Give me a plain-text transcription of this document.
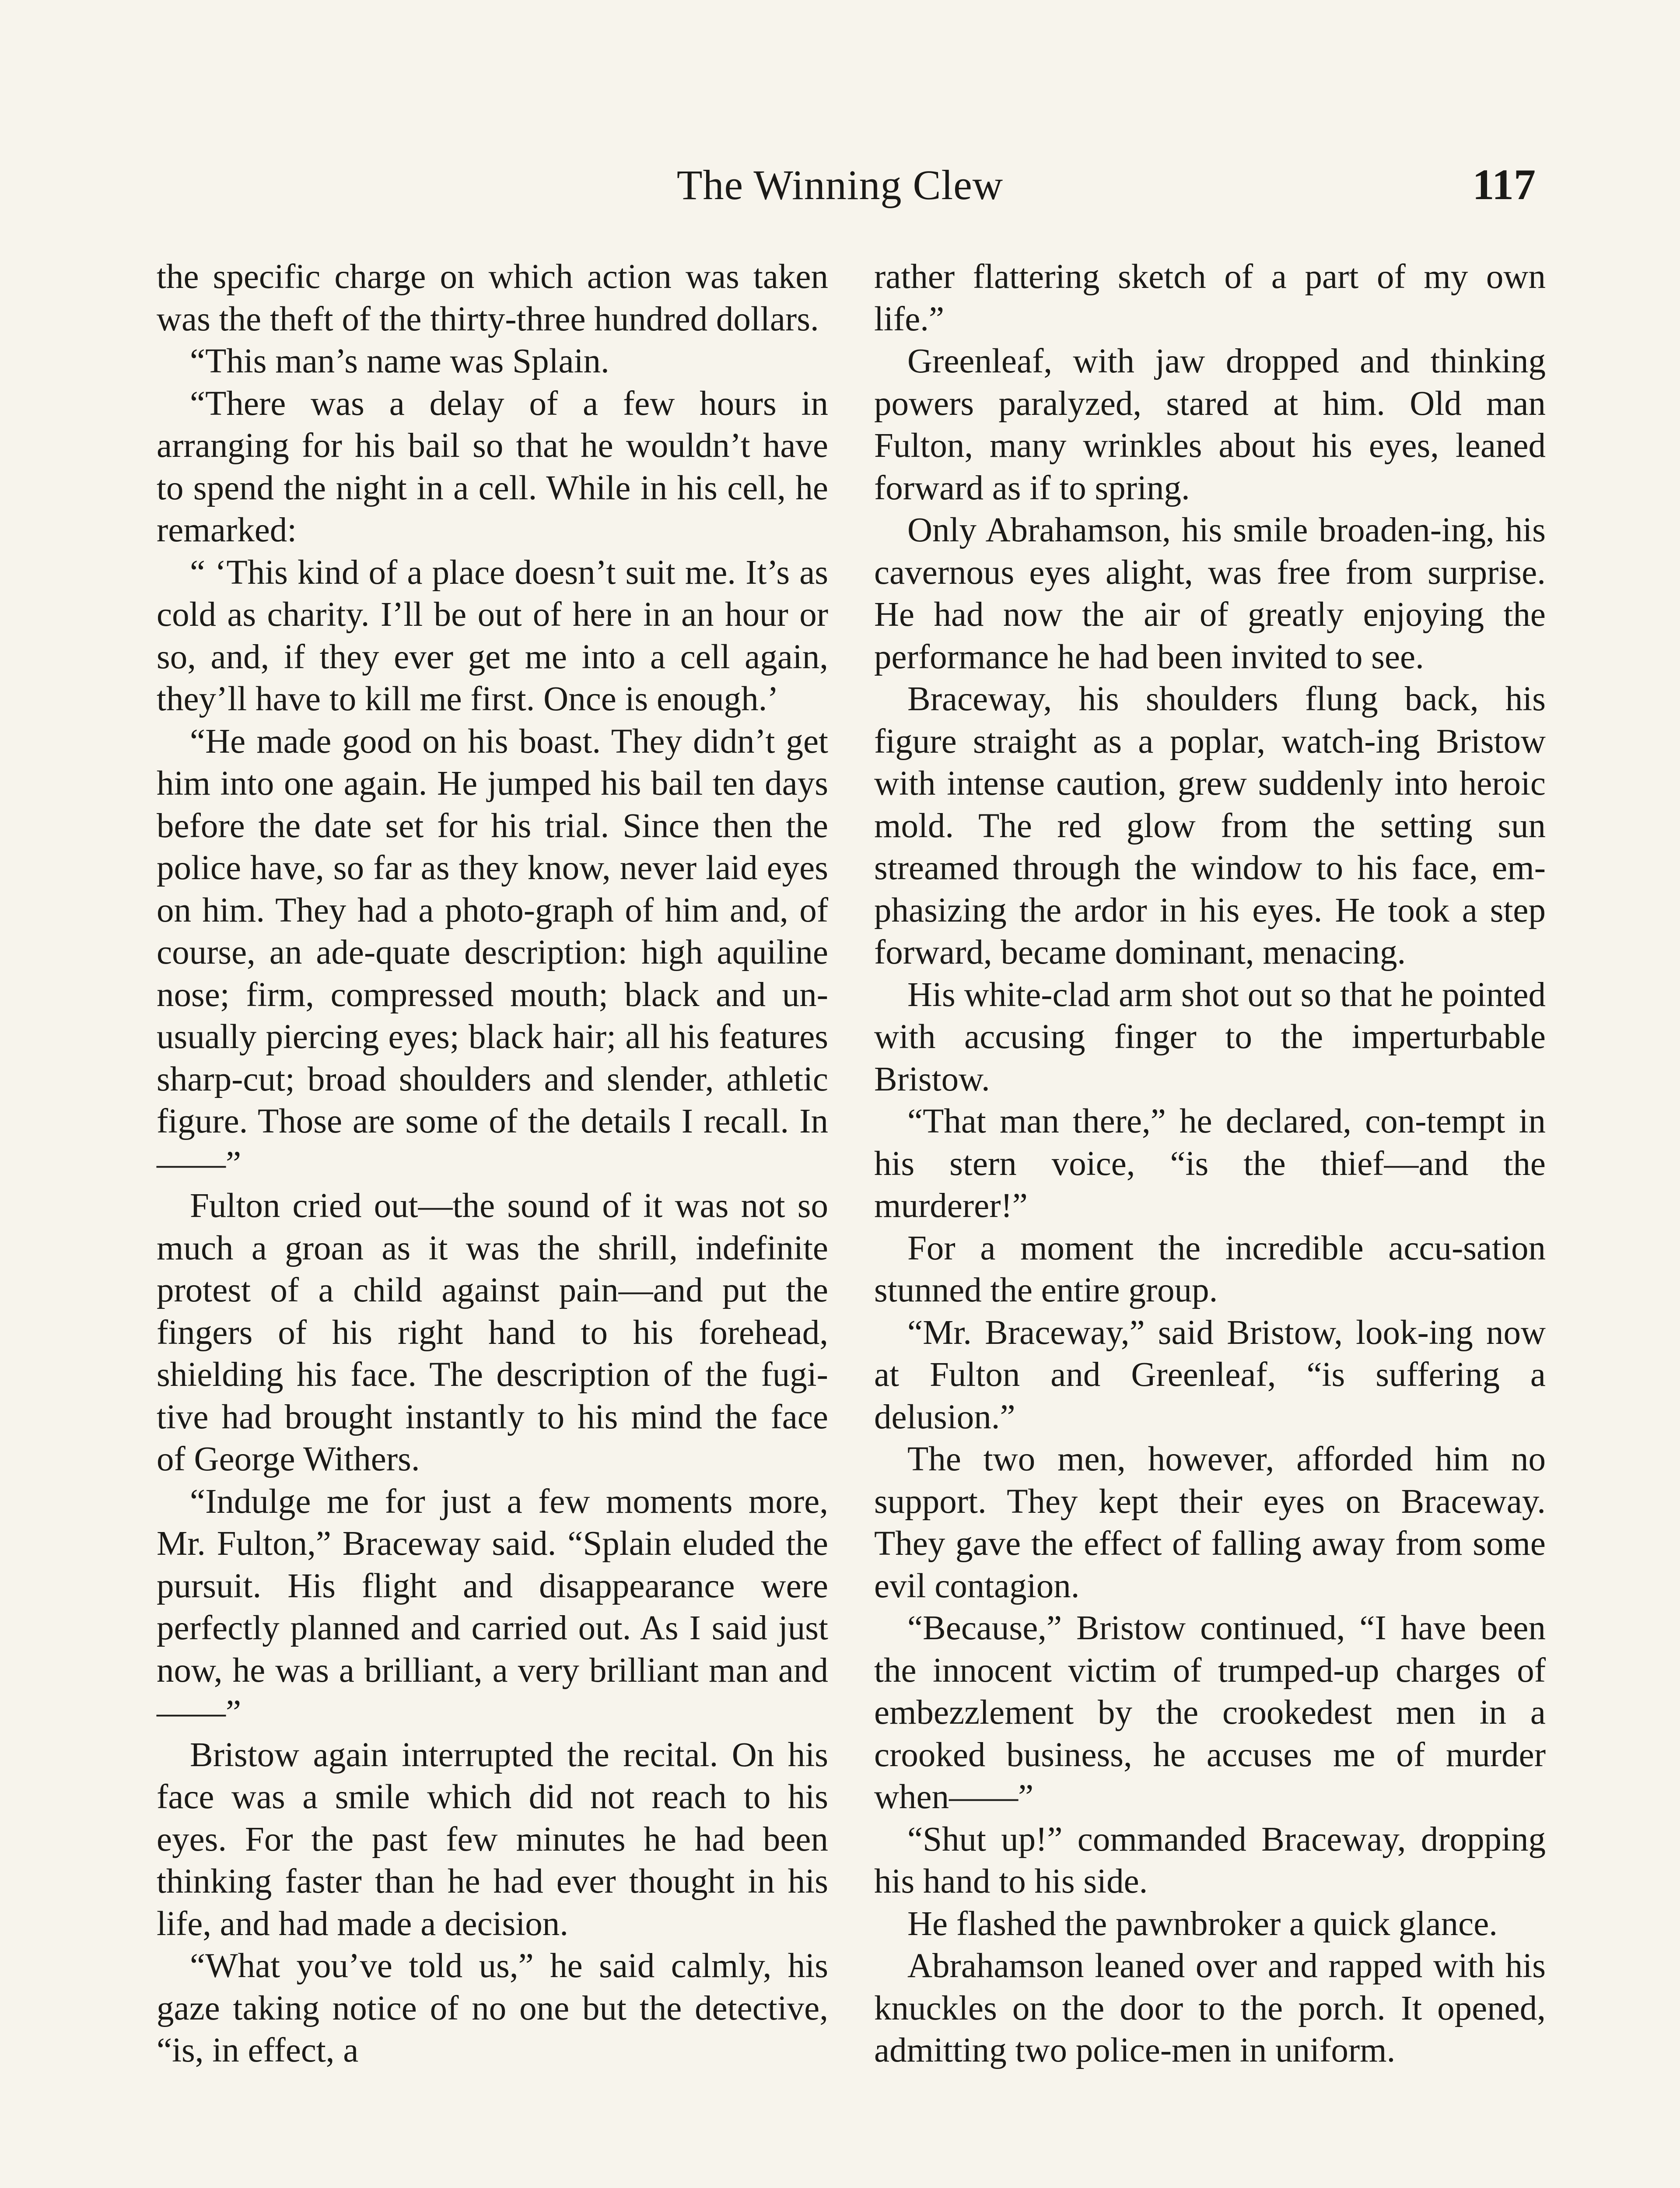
The Winning Clew	117

the specific charge on which action was taken was the theft of the thirty-three hundred dollars.

“This man’s name was Splain.

“There was a delay of a few hours in arranging for his bail so that he wouldn’t have to spend the night in a cell. While in his cell, he remarked:

“ ‘This kind of a place doesn’t suit me. It’s as cold as charity. I’ll be out of here in an hour or so, and, if they ever get me into a cell again, they’ll have to kill me first. Once is enough.’

“He made good on his boast. They didn’t get him into one again. He jumped his bail ten days before the date set for his trial. Since then the police have, so far as they know, never laid eyes on him. They had a photo-graph of him and, of course, an ade-quate description: high aquiline nose; firm, compressed mouth; black and un-usually piercing eyes; black hair; all his features sharp-cut; broad shoulders and slender, athletic figure. Those are some of the details I recall. In——”

Fulton cried out—the sound of it was not so much a groan as it was the shrill, indefinite protest of a child against pain—and put the fingers of his right hand to his forehead, shielding his face. The description of the fugi-tive had brought instantly to his mind the face of George Withers.

“Indulge me for just a few moments more, Mr. Fulton,” Braceway said. “Splain eluded the pursuit. His flight and disappearance were perfectly planned and carried out. As I said just now, he was a brilliant, a very brilliant man and——”

Bristow again interrupted the recital. On his face was a smile which did not reach to his eyes. For the past few minutes he had been thinking faster than he had ever thought in his life, and had made a decision.

“What you’ve told us,” he said calmly, his gaze taking notice of no one but the detective, “is, in effect, a

rather flattering sketch of a part of my own life.”

Greenleaf, with jaw dropped and thinking powers paralyzed, stared at him. Old man Fulton, many wrinkles about his eyes, leaned forward as if to spring.

Only Abrahamson, his smile broaden-ing, his cavernous eyes alight, was free from surprise. He had now the air of greatly enjoying the performance he had been invited to see.

Braceway, his shoulders flung back, his figure straight as a poplar, watch-ing Bristow with intense caution, grew suddenly into heroic mold. The red glow from the setting sun streamed through the window to his face, em-phasizing the ardor in his eyes. He took a step forward, became dominant, menacing.

His white-clad arm shot out so that he pointed with accusing finger to the imperturbable Bristow.

“That man there,” he declared, con-tempt in his stern voice, “is the thief—and the murderer!”

For a moment the incredible accu-sation stunned the entire group.

“Mr. Braceway,” said Bristow, look-ing now at Fulton and Greenleaf, “is suffering a delusion.”

The two men, however, afforded him no support. They kept their eyes on Braceway. They gave the effect of falling away from some evil contagion.

“Because,” Bristow continued, “I have been the innocent victim of trumped-up charges of embezzlement by the crookedest men in a crooked business, he accuses me of murder when——”

“Shut up!” commanded Braceway, dropping his hand to his side.

He flashed the pawnbroker a quick glance.

Abrahamson leaned over and rapped with his knuckles on the door to the porch. It opened, admitting two police-men in uniform.
